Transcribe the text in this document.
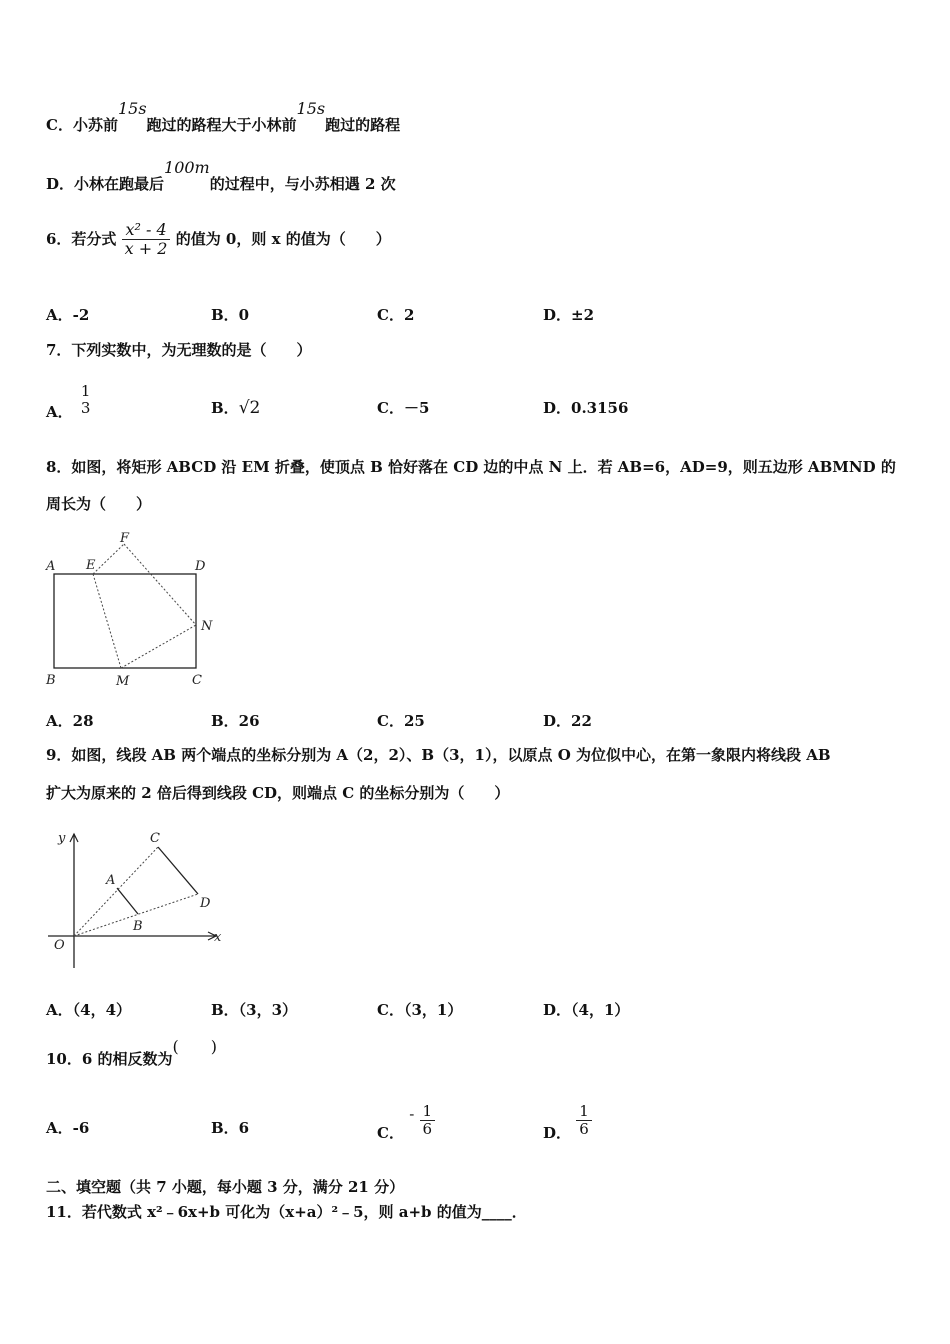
C．小苏前15s跑过的路程大于小林前15s跑过的路程
D．小林在跑最后100m的过程中，与小苏相遇 2 次
6．若分式 $\frac{\text{x² - 4}}{x + 2}$ 的值为 0，则 x 的值为（　　）
A．-2	B．0	C．2	D．±2
7．下列实数中，为无理数的是（　　）
A．
1
3	B．√2	C．－5	D．0.3156
8．如图，将矩形 ABCD 沿 EM 折叠，使顶点 B 恰好落在 CD 边的中点 N 上．若 AB=6，AD=9，则五边形 ABMND 的
周长为（　　）
A E
F
D
N
B	M	C
A．28	B．26	C．25	D．22
9．如图，线段 AB 两个端点的坐标分别为 A（2，2）、B（3，1），以原点 O 为位似中心，在第一象限内将线段 AB
扩大为原来的 2 倍后得到线段 CD，则端点 C 的坐标分别为（　　）
y
x
O
A
B
C
D
A．（4，4）	B．（3，3）	C．（3，1）	D．（4，1）
10．6 的相反数为(　　)
A．-6	B．6	C． - $\frac{1}{6}$	D． $\frac{1}{6}$
二、填空题（共 7 小题，每小题 3 分，满分 21 分）
11．若代数式 x²﹣6x+b 可化为（x+a）²﹣5，则 a+b 的值为____．
